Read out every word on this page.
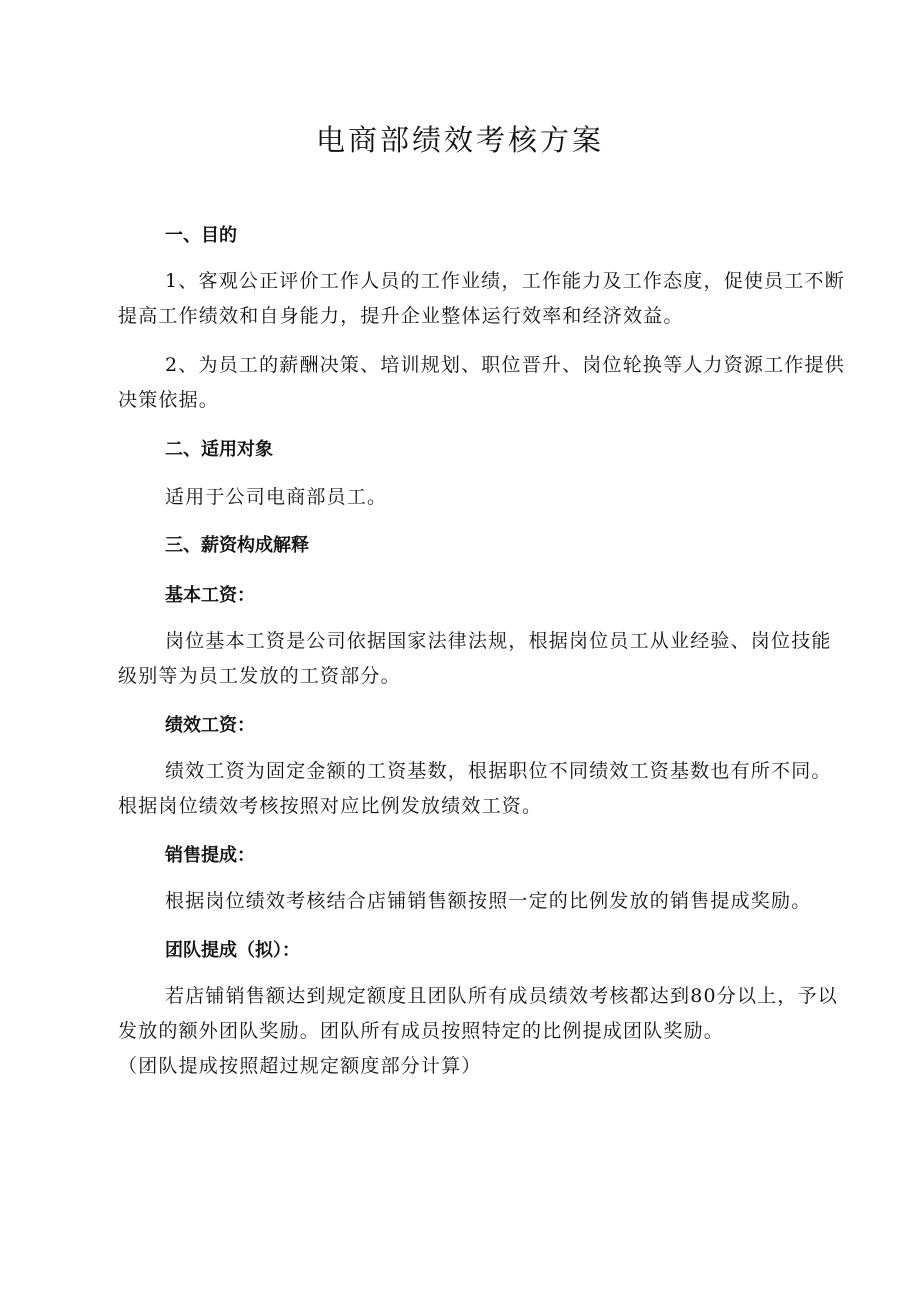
电商部绩效考核方案
一、目的

1、客观公正评价工作人员的工作业绩，工作能力及工作态度，促使员工不断提高工作绩效和自身能力，提升企业整体运行效率和经济效益。

2、为员工的薪酬决策、培训规划、职位晋升、岗位轮换等人力资源工作提供决策依据。

二、适用对象

适用于公司电商部员工。

三、薪资构成解释
基本工资：

岗位基本工资是公司依据国家法律法规，根据岗位员工从业经验、岗位技能级别等为员工发放的工资部分。

绩效工资：

绩效工资为固定金额的工资基数，根据职位不同绩效工资基数也有所不同。根据岗位绩效考核按照对应比例发放绩效工资。

销售提成：

根据岗位绩效考核结合店铺销售额按照一定的比例发放的销售提成奖励。

团队提成（拟）：

若店铺销售额达到规定额度且团队所有成员绩效考核都达到80分以上，予以发放的额外团队奖励。团队所有成员按照特定的比例提成团队奖励。

（团队提成按照超过规定额度部分计算）
